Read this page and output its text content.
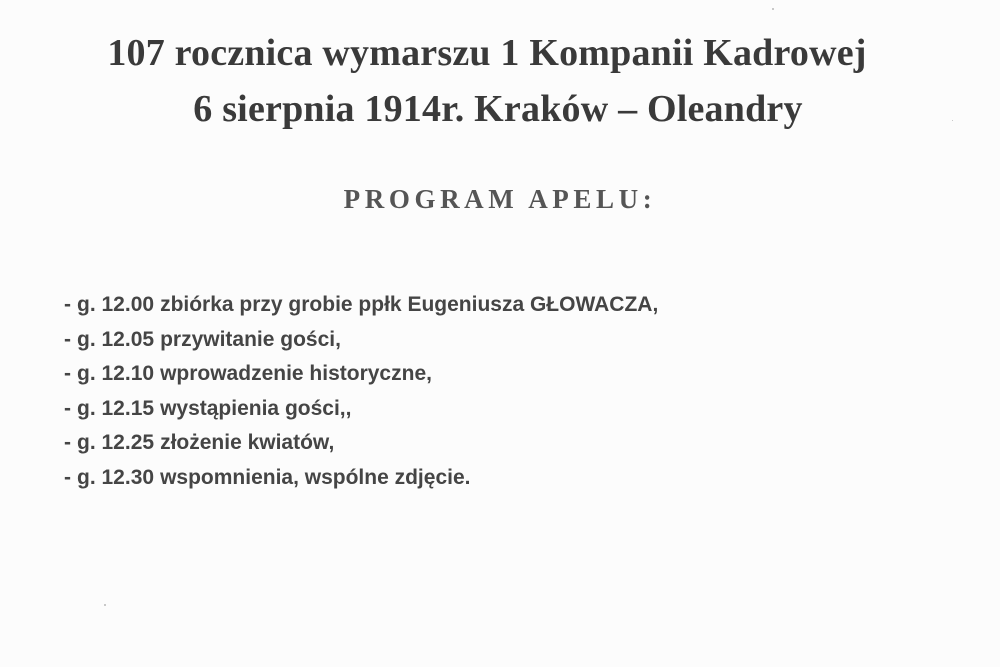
107 rocznica wymarszu 1 Kompanii Kadrowej
6 sierpnia 1914r. Kraków – Oleandry
PROGRAM APELU:
- g. 12.00 zbiórka przy grobie ppłk Eugeniusza GŁOWACZA,
- g. 12.05 przywitanie gości,
- g. 12.10 wprowadzenie historyczne,
- g. 12.15 wystąpienia gości,,
- g. 12.25 złożenie kwiatów,
- g. 12.30 wspomnienia, wspólne zdjęcie.
